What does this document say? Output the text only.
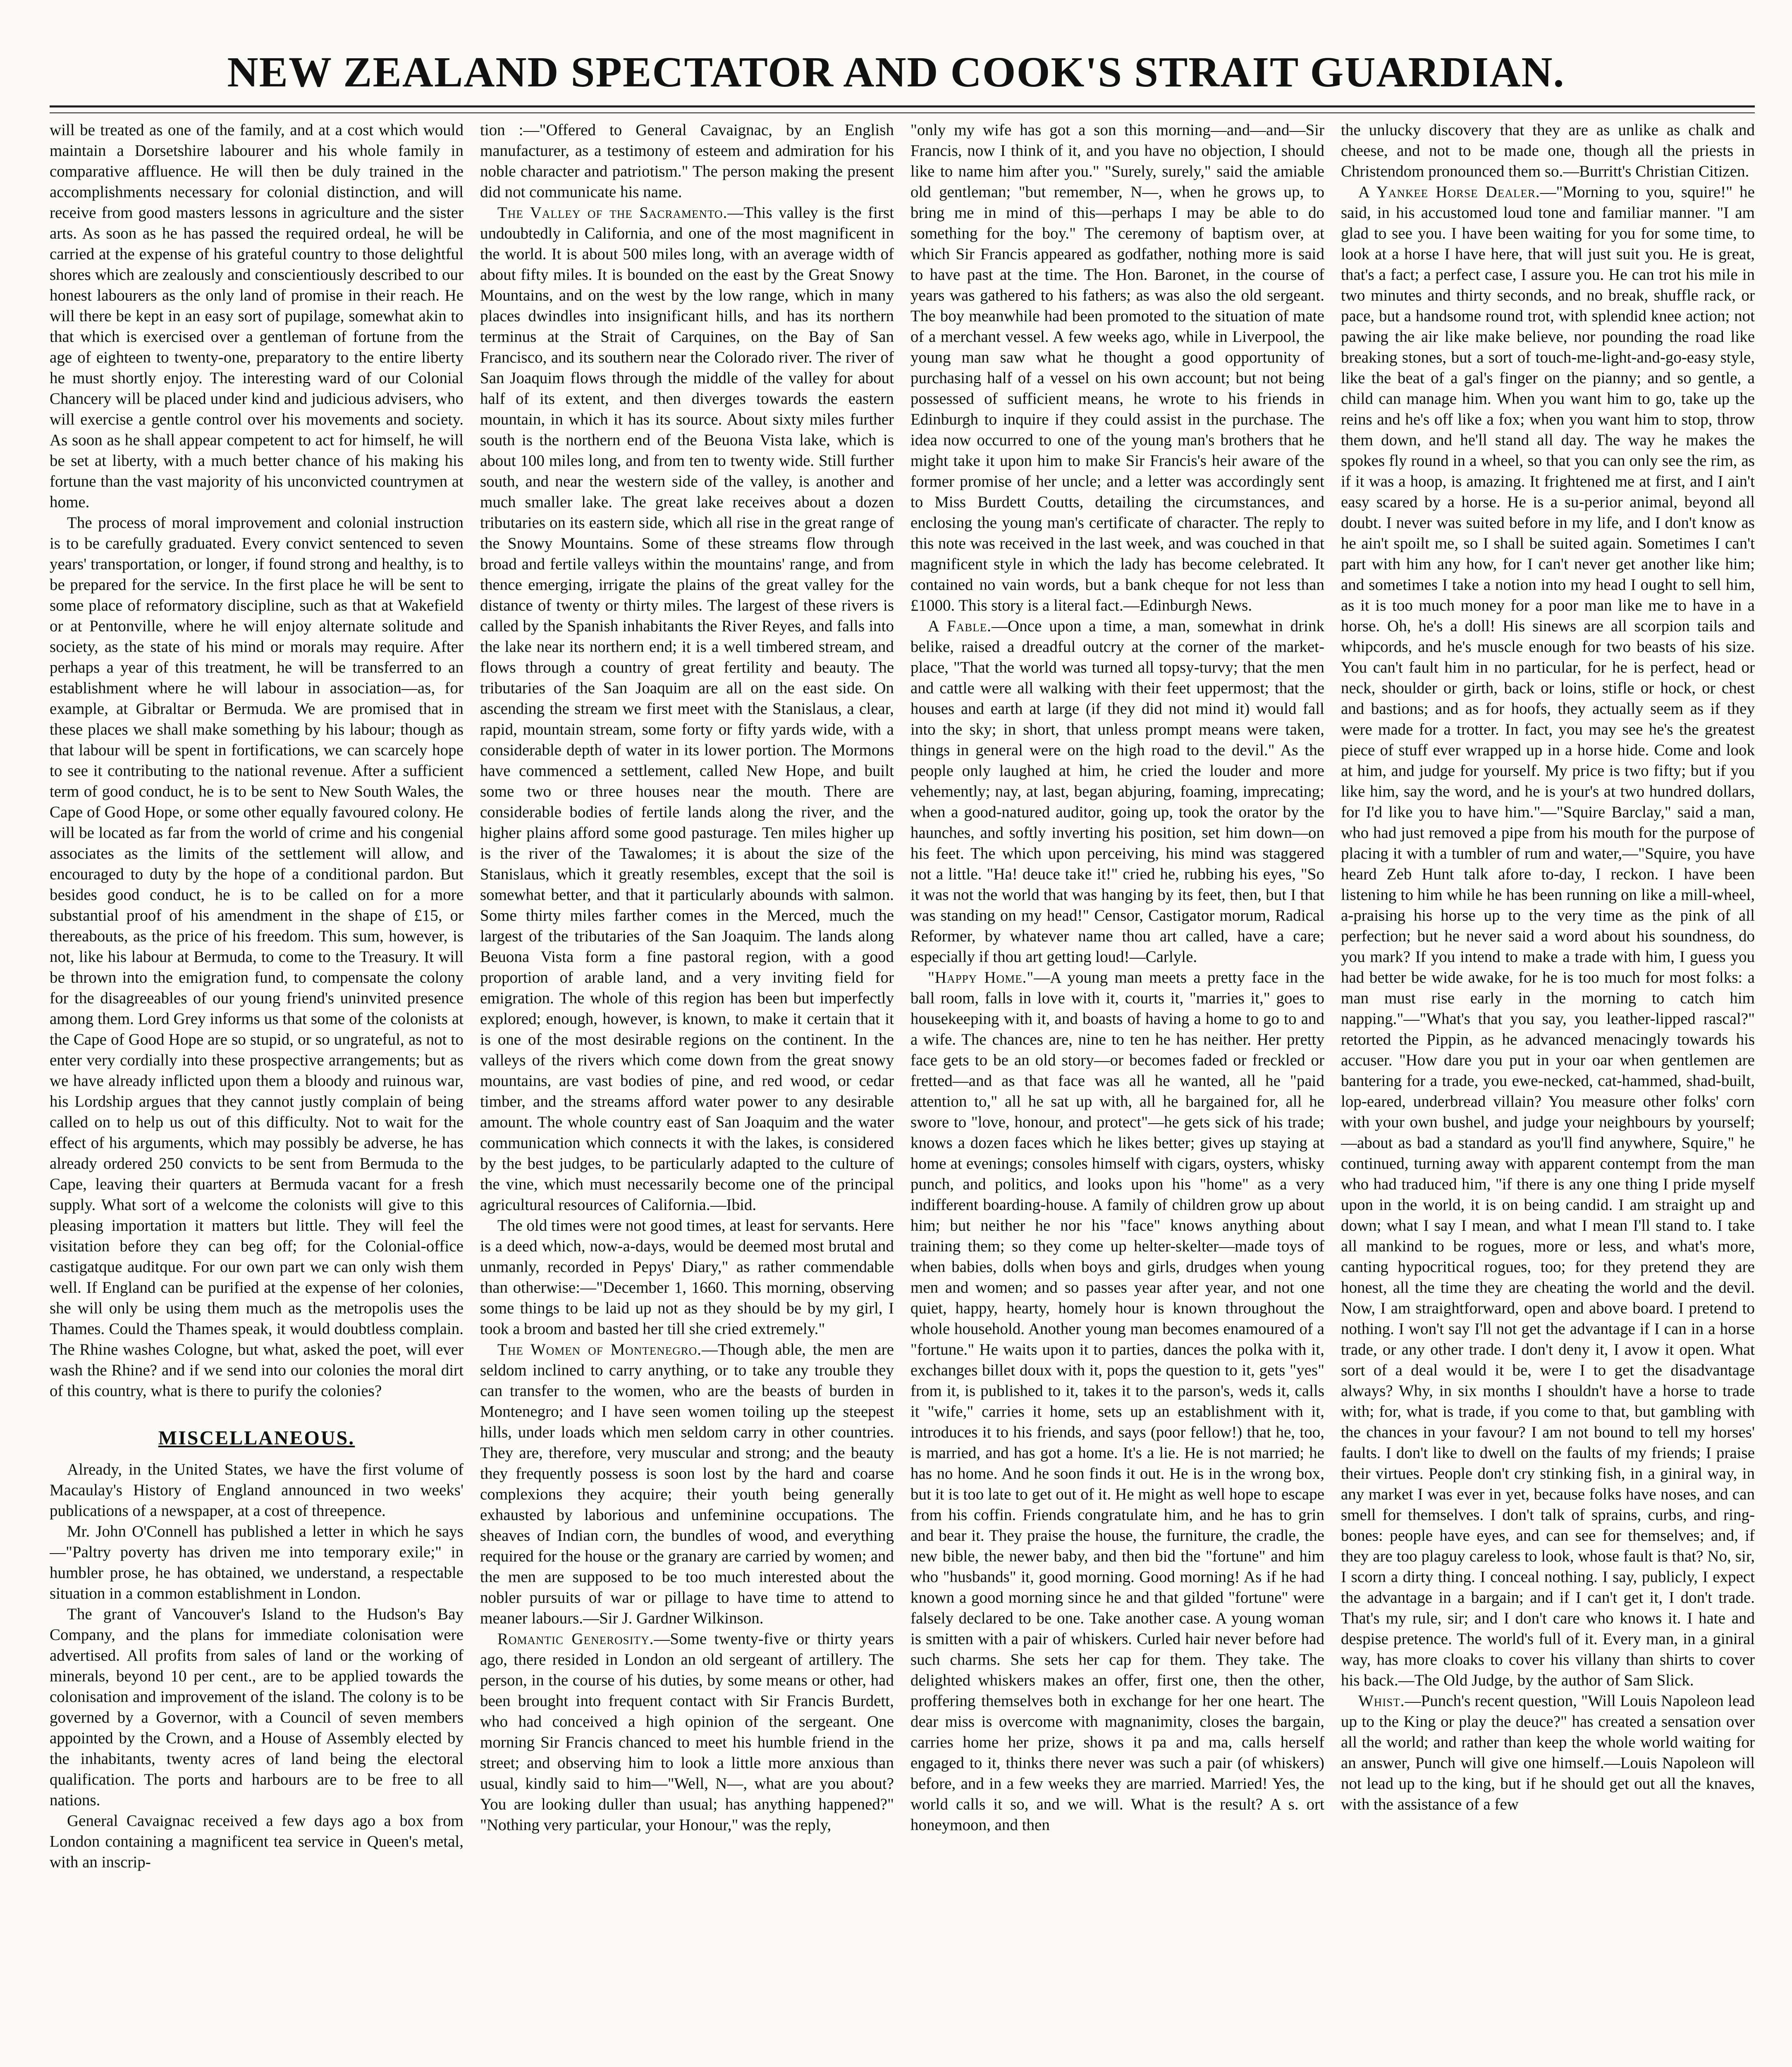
NEW ZEALAND SPECTATOR AND COOK'S STRAIT GUARDIAN.

will be treated as one of the family, and at a cost which would maintain a Dorsetshire labourer and his whole family in comparative affluence. He will then be duly trained in the accomplishments necessary for colonial distinction, and will receive from good masters lessons in agriculture and the sister arts. As soon as he has passed the required ordeal, he will be carried at the expense of his grateful country to those delightful shores which are zealously and conscientiously described to our honest labourers as the only land of promise in their reach. He will there be kept in an easy sort of pupilage, somewhat akin to that which is exercised over a gentleman of fortune from the age of eighteen to twenty-one, preparatory to the entire liberty he must shortly enjoy. The interesting ward of our Colonial Chancery will be placed under kind and judicious advisers, who will exercise a gentle control over his movements and society. As soon as he shall appear competent to act for himself, he will be set at liberty, with a much better chance of his making his fortune than the vast majority of his unconvicted countrymen at home.

The process of moral improvement and colonial instruction is to be carefully graduated. Every convict sentenced to seven years' transportation, or longer, if found strong and healthy, is to be prepared for the service. In the first place he will be sent to some place of reformatory discipline, such as that at Wakefield or at Pentonville, where he will enjoy alternate solitude and society, as the state of his mind or morals may require. After perhaps a year of this treatment, he will be transferred to an establishment where he will labour in association—as, for example, at Gibraltar or Bermuda. We are promised that in these places we shall make something by his labour; though as that labour will be spent in fortifications, we can scarcely hope to see it contributing to the national revenue. After a sufficient term of good conduct, he is to be sent to New South Wales, the Cape of Good Hope, or some other equally favoured colony. He will be located as far from the world of crime and his congenial associates as the limits of the settlement will allow, and encouraged to duty by the hope of a conditional pardon. But besides good conduct, he is to be called on for a more substantial proof of his amendment in the shape of £15, or thereabouts, as the price of his freedom. This sum, however, is not, like his labour at Bermuda, to come to the Treasury. It will be thrown into the emigration fund, to compensate the colony for the disagreeables of our young friend's uninvited presence among them. Lord Grey informs us that some of the colonists at the Cape of Good Hope are so stupid, or so ungrateful, as not to enter very cordially into these prospective arrangements; but as we have already inflicted upon them a bloody and ruinous war, his Lordship argues that they cannot justly complain of being called on to help us out of this difficulty. Not to wait for the effect of his arguments, which may possibly be adverse, he has already ordered 250 convicts to be sent from Bermuda to the Cape, leaving their quarters at Bermuda vacant for a fresh supply. What sort of a welcome the colonists will give to this pleasing importation it matters but little. They will feel the visitation before they can beg off; for the Colonial-office castigatque auditque. For our own part we can only wish them well. If England can be purified at the expense of her colonies, she will only be using them much as the metropolis uses the Thames. Could the Thames speak, it would doubtless complain. The Rhine washes Cologne, but what, asked the poet, will ever wash the Rhine? and if we send into our colonies the moral dirt of this country, what is there to purify the colonies?

MISCELLANEOUS.

Already, in the United States, we have the first volume of Macaulay's History of England announced in two weeks' publications of a newspaper, at a cost of threepence.

Mr. John O'Connell has published a letter in which he says—"Paltry poverty has driven me into temporary exile;" in humbler prose, he has obtained, we understand, a respectable situation in a common establishment in London.

The grant of Vancouver's Island to the Hudson's Bay Company, and the plans for immediate colonisation were advertised. All profits from sales of land or the working of minerals, beyond 10 per cent., are to be applied towards the colonisation and improvement of the island. The colony is to be governed by a Governor, with a Council of seven members appointed by the Crown, and a House of Assembly elected by the inhabitants, twenty acres of land being the electoral qualification. The ports and harbours are to be free to all nations.

General Cavaignac received a few days ago a box from London containing a magnificent tea service in Queen's metal, with an inscrip-

tion :—"Offered to General Cavaignac, by an English manufacturer, as a testimony of esteem and admiration for his noble character and patriotism." The person making the present did not communicate his name.

The Valley of the Sacramento.—This valley is the first undoubtedly in California, and one of the most magnificent in the world. It is about 500 miles long, with an average width of about fifty miles. It is bounded on the east by the Great Snowy Mountains, and on the west by the low range, which in many places dwindles into insignificant hills, and has its northern terminus at the Strait of Carquines, on the Bay of San Francisco, and its southern near the Colorado river. The river of San Joaquim flows through the middle of the valley for about half of its extent, and then diverges towards the eastern mountain, in which it has its source. About sixty miles further south is the northern end of the Beuona Vista lake, which is about 100 miles long, and from ten to twenty wide. Still further south, and near the western side of the valley, is another and much smaller lake. The great lake receives about a dozen tributaries on its eastern side, which all rise in the great range of the Snowy Mountains. Some of these streams flow through broad and fertile valleys within the mountains' range, and from thence emerging, irrigate the plains of the great valley for the distance of twenty or thirty miles. The largest of these rivers is called by the Spanish inhabitants the River Reyes, and falls into the lake near its northern end; it is a well timbered stream, and flows through a country of great fertility and beauty. The tributaries of the San Joaquim are all on the east side. On ascending the stream we first meet with the Stanislaus, a clear, rapid, mountain stream, some forty or fifty yards wide, with a considerable depth of water in its lower portion. The Mormons have commenced a settlement, called New Hope, and built some two or three houses near the mouth. There are considerable bodies of fertile lands along the river, and the higher plains afford some good pasturage. Ten miles higher up is the river of the Tawalomes; it is about the size of the Stanislaus, which it greatly resembles, except that the soil is somewhat better, and that it particularly abounds with salmon. Some thirty miles farther comes in the Merced, much the largest of the tributaries of the San Joaquim. The lands along Beuona Vista form a fine pastoral region, with a good proportion of arable land, and a very inviting field for emigration. The whole of this region has been but imperfectly explored; enough, however, is known, to make it certain that it is one of the most desirable regions on the continent. In the valleys of the rivers which come down from the great snowy mountains, are vast bodies of pine, and red wood, or cedar timber, and the streams afford water power to any desirable amount. The whole country east of San Joaquim and the water communication which connects it with the lakes, is considered by the best judges, to be particularly adapted to the culture of the vine, which must necessarily become one of the principal agricultural resources of California.—Ibid.

The old times were not good times, at least for servants. Here is a deed which, now-a-days, would be deemed most brutal and unmanly, recorded in Pepys' Diary," as rather commendable than otherwise:—"December 1, 1660. This morning, observing some things to be laid up not as they should be by my girl, I took a broom and basted her till she cried extremely."

The Women of Montenegro.—Though able, the men are seldom inclined to carry anything, or to take any trouble they can transfer to the women, who are the beasts of burden in Montenegro; and I have seen women toiling up the steepest hills, under loads which men seldom carry in other countries. They are, therefore, very muscular and strong; and the beauty they frequently possess is soon lost by the hard and coarse complexions they acquire; their youth being generally exhausted by laborious and unfeminine occupations. The sheaves of Indian corn, the bundles of wood, and everything required for the house or the granary are carried by women; and the men are supposed to be too much interested about the nobler pursuits of war or pillage to have time to attend to meaner labours.—Sir J. Gardner Wilkinson.

Romantic Generosity.—Some twenty-five or thirty years ago, there resided in London an old sergeant of artillery. The person, in the course of his duties, by some means or other, had been brought into frequent contact with Sir Francis Burdett, who had conceived a high opinion of the sergeant. One morning Sir Francis chanced to meet his humble friend in the street; and observing him to look a little more anxious than usual, kindly said to him—"Well, N—, what are you about? You are looking duller than usual; has anything happened?" "Nothing very particular, your Honour," was the reply,

"only my wife has got a son this morning—and—and—Sir Francis, now I think of it, and you have no objection, I should like to name him after you." "Surely, surely," said the amiable old gentleman; "but remember, N—, when he grows up, to bring me in mind of this—perhaps I may be able to do something for the boy." The ceremony of baptism over, at which Sir Francis appeared as godfather, nothing more is said to have past at the time. The Hon. Baronet, in the course of years was gathered to his fathers; as was also the old sergeant. The boy meanwhile had been promoted to the situation of mate of a merchant vessel. A few weeks ago, while in Liverpool, the young man saw what he thought a good opportunity of purchasing half of a vessel on his own account; but not being possessed of sufficient means, he wrote to his friends in Edinburgh to inquire if they could assist in the purchase. The idea now occurred to one of the young man's brothers that he might take it upon him to make Sir Francis's heir aware of the former promise of her uncle; and a letter was accordingly sent to Miss Burdett Coutts, detailing the circumstances, and enclosing the young man's certificate of character. The reply to this note was received in the last week, and was couched in that magnificent style in which the lady has become celebrated. It contained no vain words, but a bank cheque for not less than £1000. This story is a literal fact.—Edinburgh News.

A Fable.—Once upon a time, a man, somewhat in drink belike, raised a dreadful outcry at the corner of the market-place, "That the world was turned all topsy-turvy; that the men and cattle were all walking with their feet uppermost; that the houses and earth at large (if they did not mind it) would fall into the sky; in short, that unless prompt means were taken, things in general were on the high road to the devil." As the people only laughed at him, he cried the louder and more vehemently; nay, at last, began abjuring, foaming, imprecating; when a good-natured auditor, going up, took the orator by the haunches, and softly inverting his position, set him down—on his feet. The which upon perceiving, his mind was staggered not a little. "Ha! deuce take it!" cried he, rubbing his eyes, "So it was not the world that was hanging by its feet, then, but I that was standing on my head!" Censor, Castigator morum, Radical Reformer, by whatever name thou art called, have a care; especially if thou art getting loud!—Carlyle.

"Happy Home."—A young man meets a pretty face in the ball room, falls in love with it, courts it, "marries it," goes to housekeeping with it, and boasts of having a home to go to and a wife. The chances are, nine to ten he has neither. Her pretty face gets to be an old story—or becomes faded or freckled or fretted—and as that face was all he wanted, all he "paid attention to," all he sat up with, all he bargained for, all he swore to "love, honour, and protect"—he gets sick of his trade; knows a dozen faces which he likes better; gives up staying at home at evenings; consoles himself with cigars, oysters, whisky punch, and politics, and looks upon his "home" as a very indifferent boarding-house. A family of children grow up about him; but neither he nor his "face" knows anything about training them; so they come up helter-skelter—made toys of when babies, dolls when boys and girls, drudges when young men and women; and so passes year after year, and not one quiet, happy, hearty, homely hour is known throughout the whole household. Another young man becomes enamoured of a "fortune." He waits upon it to parties, dances the polka with it, exchanges billet doux with it, pops the question to it, gets "yes" from it, is published to it, takes it to the parson's, weds it, calls it "wife," carries it home, sets up an establishment with it, introduces it to his friends, and says (poor fellow!) that he, too, is married, and has got a home. It's a lie. He is not married; he has no home. And he soon finds it out. He is in the wrong box, but it is too late to get out of it. He might as well hope to escape from his coffin. Friends congratulate him, and he has to grin and bear it. They praise the house, the furniture, the cradle, the new bible, the newer baby, and then bid the "fortune" and him who "husbands" it, good morning. Good morning! As if he had known a good morning since he and that gilded "fortune" were falsely declared to be one. Take another case. A young woman is smitten with a pair of whiskers. Curled hair never before had such charms. She sets her cap for them. They take. The delighted whiskers makes an offer, first one, then the other, proffering themselves both in exchange for her one heart. The dear miss is overcome with magnanimity, closes the bargain, carries home her prize, shows it pa and ma, calls herself engaged to it, thinks there never was such a pair (of whiskers) before, and in a few weeks they are married. Married! Yes, the world calls it so, and we will. What is the result? A s. ort honeymoon, and then

the unlucky discovery that they are as unlike as chalk and cheese, and not to be made one, though all the priests in Christendom pronounced them so.—Burritt's Christian Citizen.

A Yankee Horse Dealer.—"Morning to you, squire!" he said, in his accustomed loud tone and familiar manner. "I am glad to see you. I have been waiting for you for some time, to look at a horse I have here, that will just suit you. He is great, that's a fact; a perfect case, I assure you. He can trot his mile in two minutes and thirty seconds, and no break, shuffle rack, or pace, but a handsome round trot, with splendid knee action; not pawing the air like make believe, nor pounding the road like breaking stones, but a sort of touch-me-light-and-go-easy style, like the beat of a gal's finger on the pianny; and so gentle, a child can manage him. When you want him to go, take up the reins and he's off like a fox; when you want him to stop, throw them down, and he'll stand all day. The way he makes the spokes fly round in a wheel, so that you can only see the rim, as if it was a hoop, is amazing. It frightened me at first, and I ain't easy scared by a horse. He is a su-perior animal, beyond all doubt. I never was suited before in my life, and I don't know as he ain't spoilt me, so I shall be suited again. Sometimes I can't part with him any how, for I can't never get another like him; and sometimes I take a notion into my head I ought to sell him, as it is too much money for a poor man like me to have in a horse. Oh, he's a doll! His sinews are all scorpion tails and whipcords, and he's muscle enough for two beasts of his size. You can't fault him in no particular, for he is perfect, head or neck, shoulder or girth, back or loins, stifle or hock, or chest and bastions; and as for hoofs, they actually seem as if they were made for a trotter. In fact, you may see he's the greatest piece of stuff ever wrapped up in a horse hide. Come and look at him, and judge for yourself. My price is two fifty; but if you like him, say the word, and he is your's at two hundred dollars, for I'd like you to have him."—"Squire Barclay," said a man, who had just removed a pipe from his mouth for the purpose of placing it with a tumbler of rum and water,—"Squire, you have heard Zeb Hunt talk afore to-day, I reckon. I have been listening to him while he has been running on like a mill-wheel, a-praising his horse up to the very time as the pink of all perfection; but he never said a word about his soundness, do you mark? If you intend to make a trade with him, I guess you had better be wide awake, for he is too much for most folks: a man must rise early in the morning to catch him napping."—"What's that you say, you leather-lipped rascal?" retorted the Pippin, as he advanced menacingly towards his accuser. "How dare you put in your oar when gentlemen are bantering for a trade, you ewe-necked, cat-hammed, shad-built, lop-eared, underbread villain? You measure other folks' corn with your own bushel, and judge your neighbours by yourself;—about as bad a standard as you'll find anywhere, Squire," he continued, turning away with apparent contempt from the man who had traduced him, "if there is any one thing I pride myself upon in the world, it is on being candid. I am straight up and down; what I say I mean, and what I mean I'll stand to. I take all mankind to be rogues, more or less, and what's more, canting hypocritical rogues, too; for they pretend they are honest, all the time they are cheating the world and the devil. Now, I am straightforward, open and above board. I pretend to nothing. I won't say I'll not get the advantage if I can in a horse trade, or any other trade. I don't deny it, I avow it open. What sort of a deal would it be, were I to get the disadvantage always? Why, in six months I shouldn't have a horse to trade with; for, what is trade, if you come to that, but gambling with the chances in your favour? I am not bound to tell my horses' faults. I don't like to dwell on the faults of my friends; I praise their virtues. People don't cry stinking fish, in a giniral way, in any market I was ever in yet, because folks have noses, and can smell for themselves. I don't talk of sprains, curbs, and ring-bones: people have eyes, and can see for themselves; and, if they are too plaguy careless to look, whose fault is that? No, sir, I scorn a dirty thing. I conceal nothing. I say, publicly, I expect the advantage in a bargain; and if I can't get it, I don't trade. That's my rule, sir; and I don't care who knows it. I hate and despise pretence. The world's full of it. Every man, in a giniral way, has more cloaks to cover his villany than shirts to cover his back.—The Old Judge, by the author of Sam Slick.

Whist.—Punch's recent question, "Will Louis Napoleon lead up to the King or play the deuce?" has created a sensation over all the world; and rather than keep the whole world waiting for an answer, Punch will give one himself.—Louis Napoleon will not lead up to the king, but if he should get out all the knaves, with the assistance of a few
